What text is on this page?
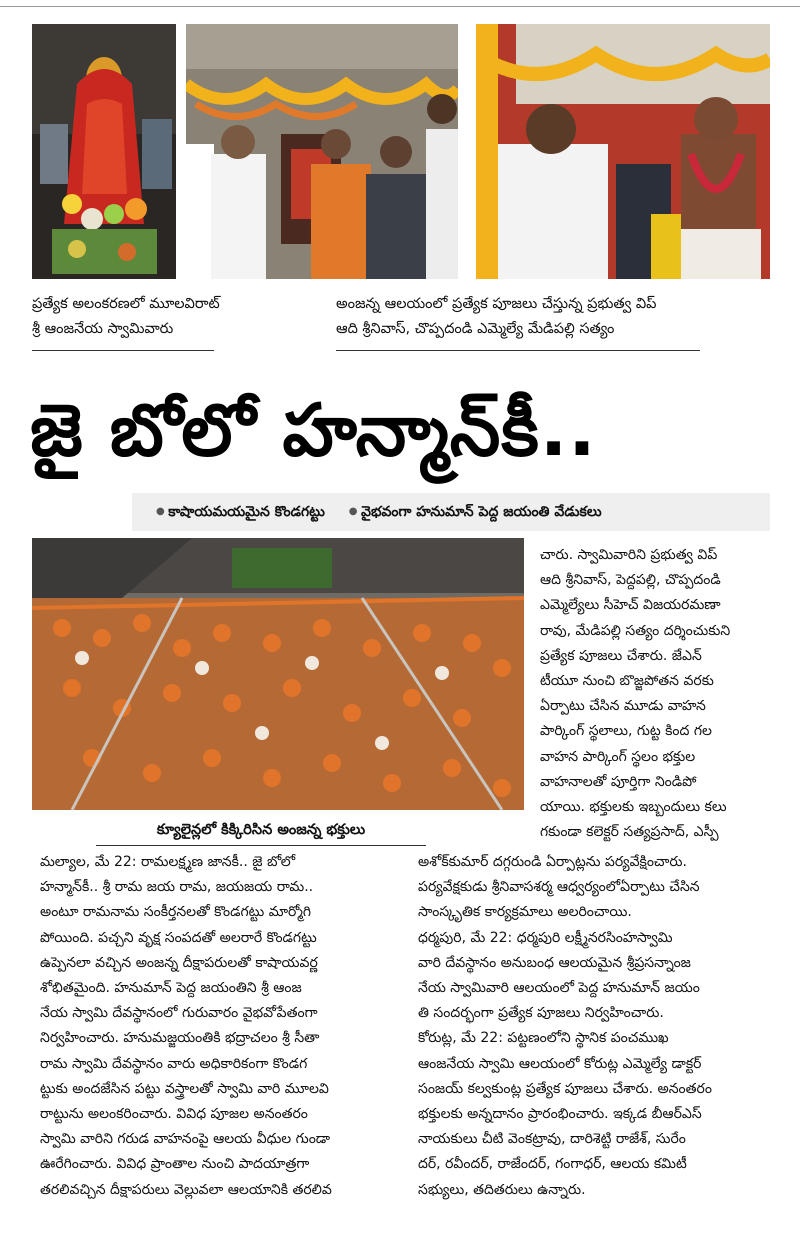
ప్రత్యేక అలంకరణలో మూలవిరాట్
శ్రీ ఆంజనేయ స్వామివారు
అంజన్న ఆలయంలో ప్రత్యేక పూజలు చేస్తున్న ప్రభుత్వ విప్
ఆది శ్రీనివాస్, చొప్పదండి ఎమ్మెల్యే మేడిపల్లి సత్యం
జై బోలో హన్మాన్‌కీ..
● కాషాయమయమైన కొండగట్టు●	వైభవంగా హనుమాన్ పెద్ద జయంతి వేడుకలు
చారు. స్వామివారిని ప్రభుత్వ విప్
ఆది శ్రీనివాస్, పెద్దపల్లి, చొప్పదండి
ఎమ్మెల్యేలు సీహెచ్ విజయరమణా
రావు, మేడిపల్లి సత్యం దర్శించుకుని
ప్రత్యేక పూజలు చేశారు. జేఎన్
టీయూ నుంచి బొజ్జపోతన వరకు
ఏర్పాటు చేసిన మూడు వాహన
పార్కింగ్ స్థలాలు, గుట్ట కింద గల
వాహన పార్కింగ్ స్థలం భక్తుల
వాహనాలతో పూర్తిగా నిండిపో
యాయి. భక్తులకు ఇబ్బందులు కలు
గకుండా కలెక్టర్ సత్యప్రసాద్, ఎస్పీ
క్యూలైన్లలో కిక్కిరిసిన అంజన్న భక్తులు
మల్యాల, మే 22: రామలక్ష్మణ జానకీ.. జై బోలో
హన్మాన్‌కీ.. శ్రీ రామ జయ రామ, జయజయ రామ..
అంటూ రామనామ సంకీర్తనలతో కొండగట్టు మార్మోగి
పోయింది. పచ్చని వృక్ష సంపదతో అలరారే కొండగట్టు
ఉప్పెనలా వచ్చిన అంజన్న దీక్షాపరులతో కాషాయవర్ణ
శోభితమైంది. హనుమాన్ పెద్ద జయంతిని శ్రీ ఆంజ
నేయ స్వామి దేవస్థానంలో గురువారం వైభవోపేతంగా
నిర్వహించారు. హనుమజ్జయంతికి భద్రాచలం శ్రీ సీతా
రామ స్వామి దేవస్థానం వారు అధికారికంగా కొండగ
ట్టుకు అందజేసిన పట్టు వస్త్రాలతో స్వామి వారి మూలవి
రాట్టును అలంకరించారు. వివిధ పూజల అనంతరం
స్వామి వారిని గరుడ వాహనంపై ఆలయ వీధుల గుండా
ఊరేగించారు. వివిధ ప్రాంతాల నుంచి పాదయాత్రగా
తరలివచ్చిన దీక్షాపరులు వెల్లువలా ఆలయానికి తరలివ
అశోక్‌కుమార్ దగ్గరుండి ఏర్పాట్లను పర్యవేక్షించారు.
పర్యవేక్షకుడు శ్రీనివాసశర్మ ఆధ్వర్యంలోఏర్పాటు చేసిన
సాంస్కృతిక కార్యక్రమాలు అలరించాయి.
ధర్మపురి, మే 22: ధర్మపురి లక్ష్మీనరసింహస్వామి
వారి దేవస్థానం అనుబంధ ఆలయమైన శ్రీప్రసన్నాంజ
నేయ స్వామివారి ఆలయంలో పెద్ద హనుమాన్ జయం
తి సందర్భంగా ప్రత్యేక పూజలు నిర్వహించారు.
కోరుట్ల, మే 22: పట్టణంలోని స్థానిక పంచముఖ
ఆంజనేయ స్వామి ఆలయంలో కోరుట్ల ఎమ్మెల్యే డాక్టర్
సంజయ్ కల్వకుంట్ల ప్రత్యేక పూజలు చేశారు. అనంతరం
భక్తులకు అన్నదానం ప్రారంభించారు. ఇక్కడ బీఆర్ఎస్
నాయకులు చీటి వెంకట్రావు, దారిశెట్టి రాజేశ్, సురేం
దర్, రవీందర్, రాజేందర్, గంగాధర్, ఆలయ కమిటీ
సభ్యులు, తదితరులు ఉన్నారు.
